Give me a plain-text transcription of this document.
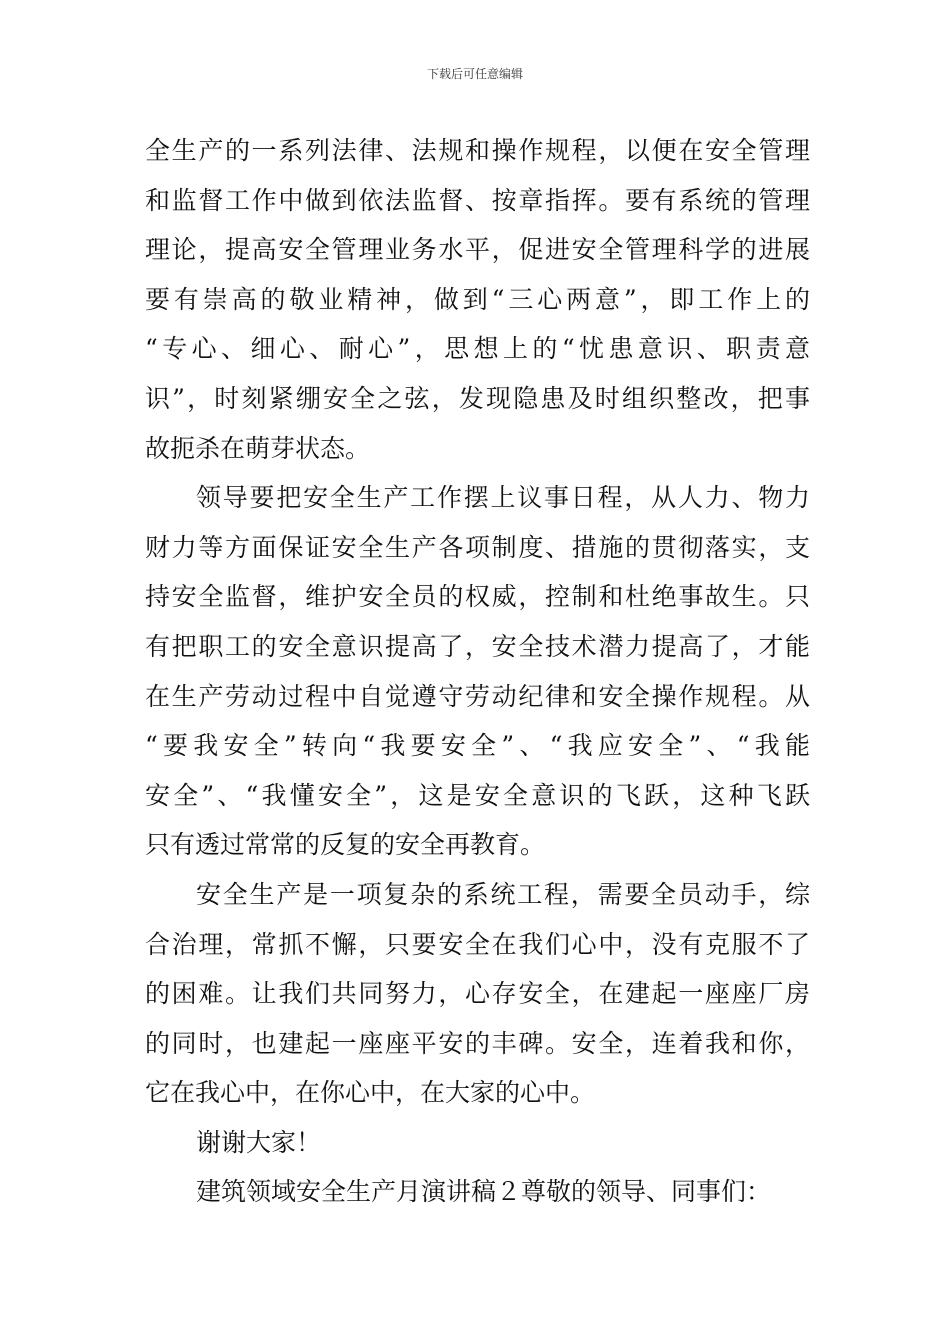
下载后可任意编辑
全生产的一系列法律、法规和操作规程，以便在安全管理
和监督工作中做到依法监督、按章指挥。要有系统的管理
理论，提高安全管理业务水平，促进安全管理科学的进展
要有崇高的敬业精神，做到“三心两意”，即工作上的
“专心、细心、耐心”，思想上的“忧患意识、职责意
识”，时刻紧绷安全之弦，发现隐患及时组织整改，把事
故扼杀在萌芽状态。
领导要把安全生产工作摆上议事日程，从人力、物力
财力等方面保证安全生产各项制度、措施的贯彻落实，支
持安全监督，维护安全员的权威，控制和杜绝事故生。只
有把职工的安全意识提高了，安全技术潜力提高了，才能
在生产劳动过程中自觉遵守劳动纪律和安全操作规程。从
“要我安全”转向“我要安全”、“我应安全”、“我能
安全”、“我懂安全”，这是安全意识的飞跃，这种飞跃
只有透过常常的反复的安全再教育。
安全生产是一项复杂的系统工程，需要全员动手，综
合治理，常抓不懈，只要安全在我们心中，没有克服不了
的困难。让我们共同努力，心存安全，在建起一座座厂房
的同时，也建起一座座平安的丰碑。安全，连着我和你，
它在我心中，在你心中，在大家的心中。
谢谢大家！
建筑领域安全生产月演讲稿２尊敬的领导、同事们：
